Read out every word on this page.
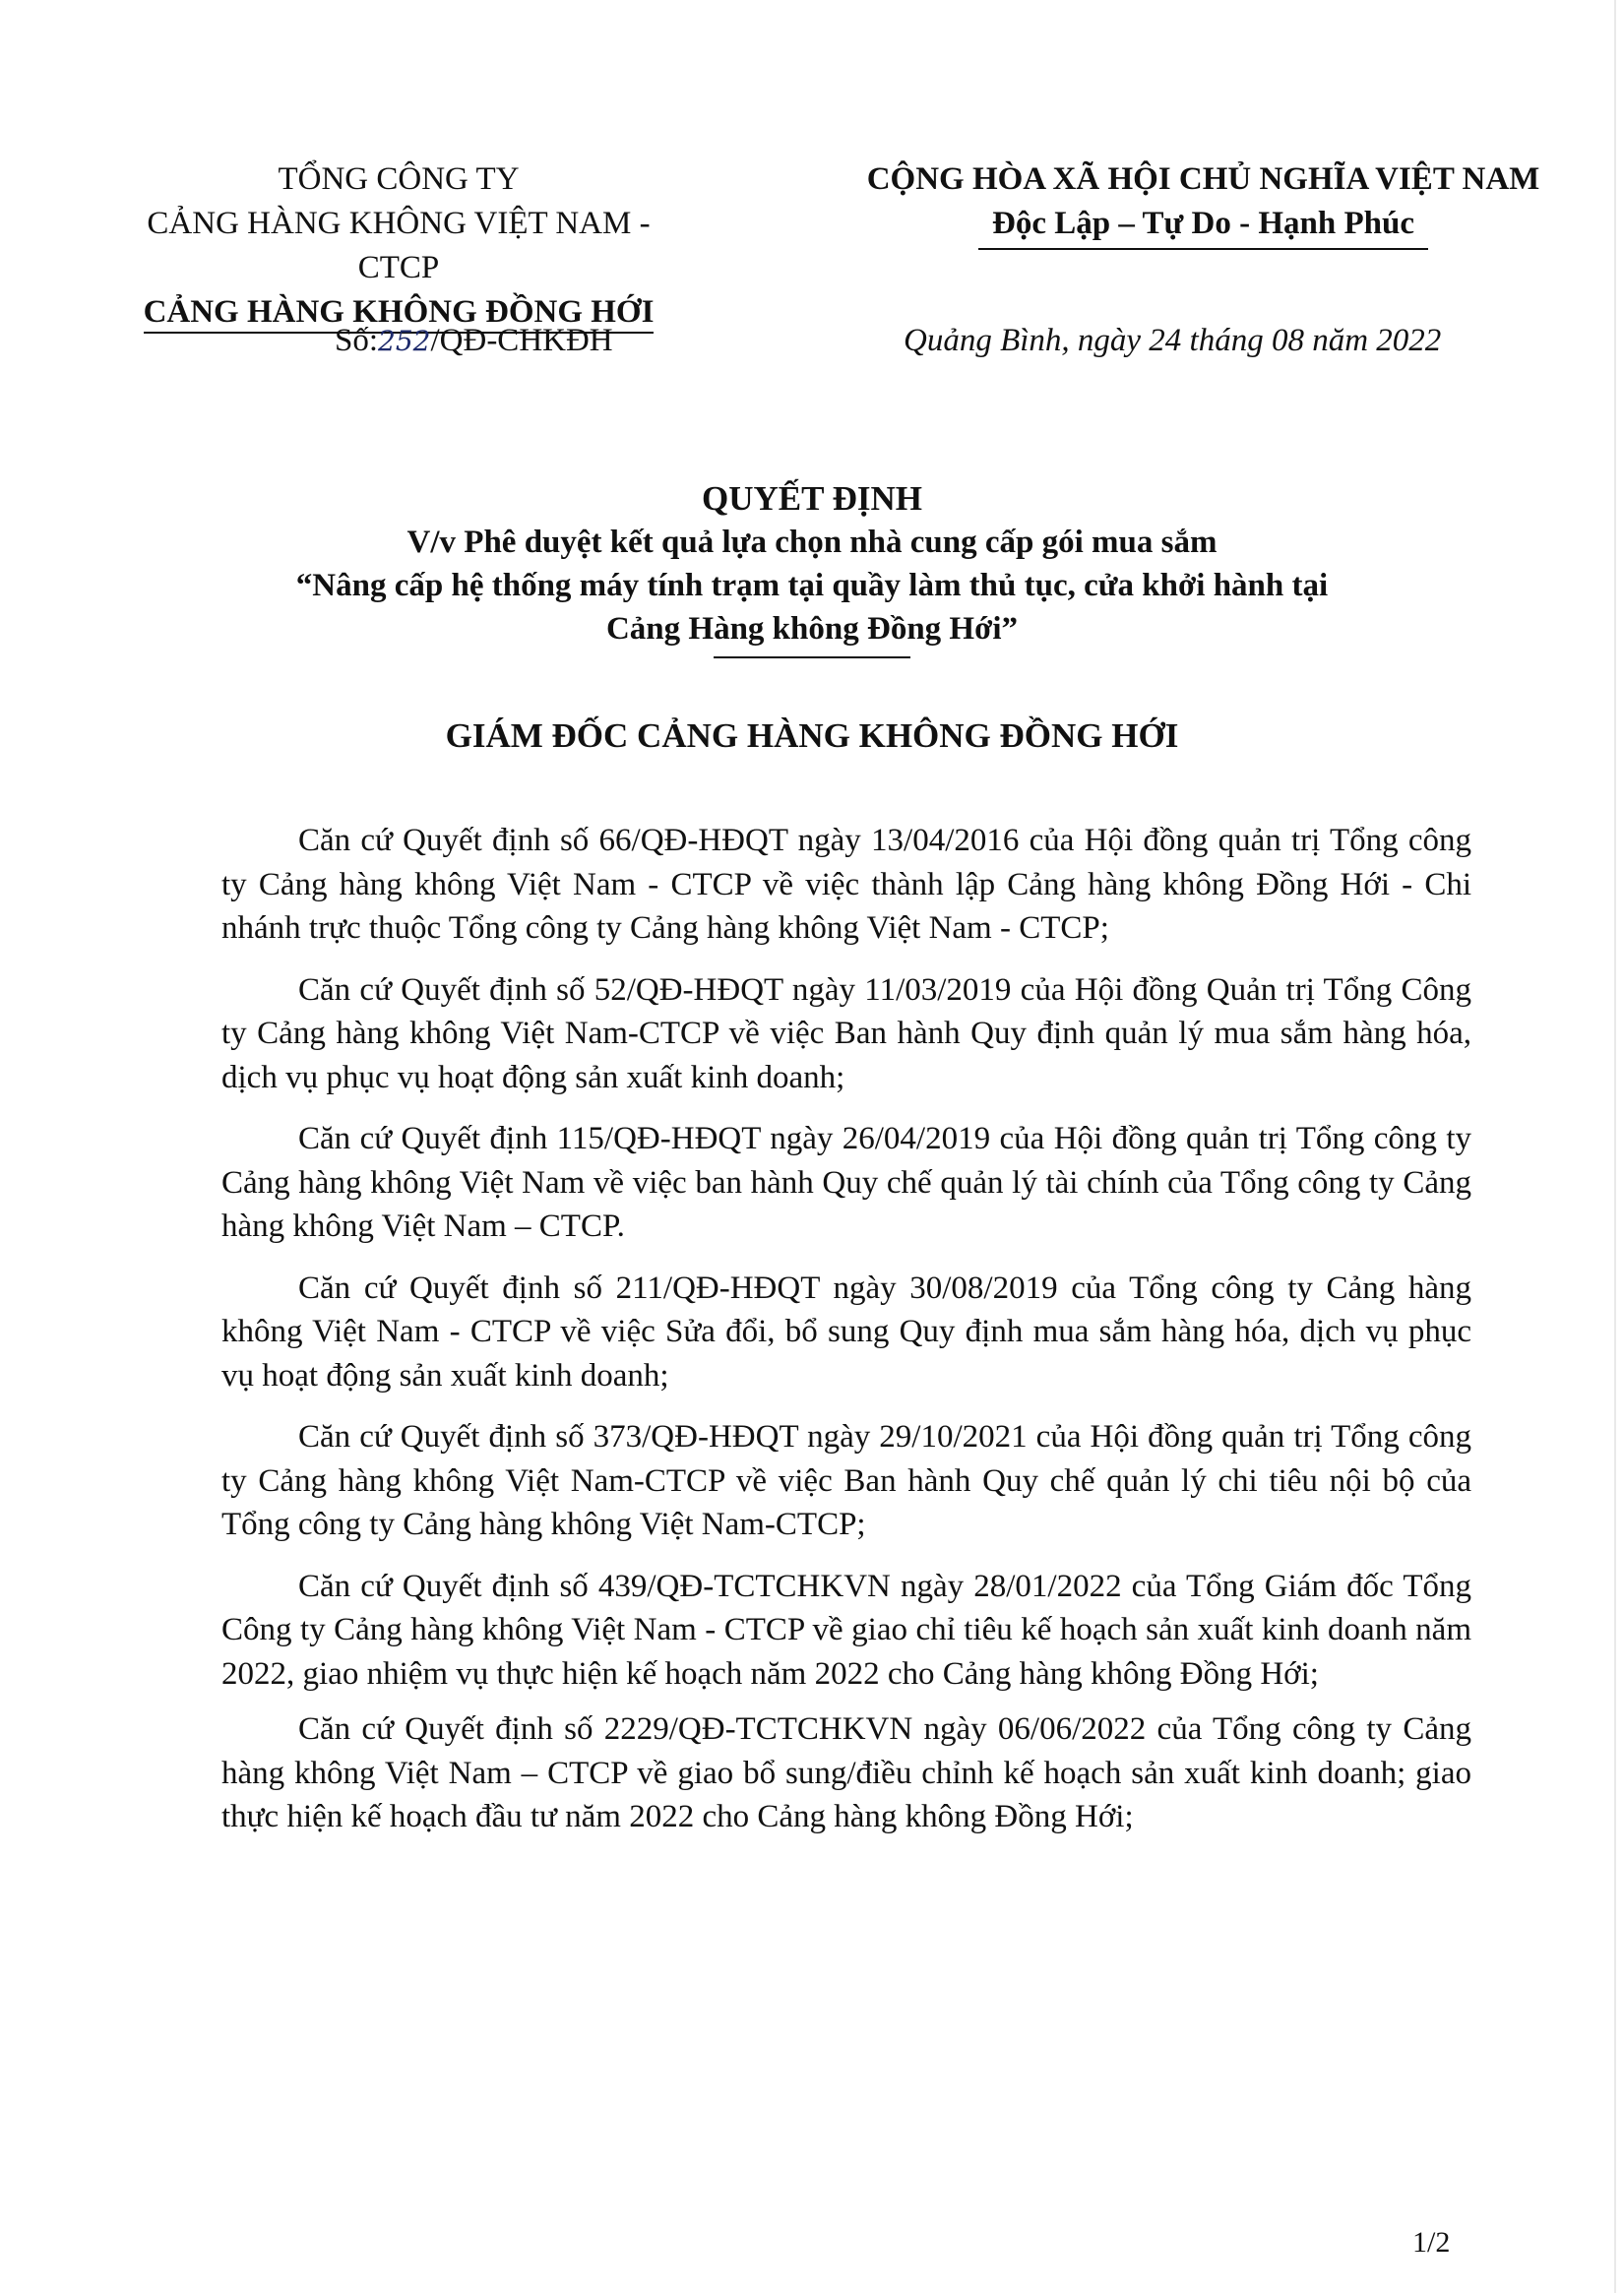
TỔNG CÔNG TY
CẢNG HÀNG KHÔNG VIỆT NAM - CTCP
CẢNG HÀNG KHÔNG ĐỒNG HỚI
CỘNG HÒA XÃ HỘI CHỦ NGHĨA VIỆT NAM
Độc Lập – Tự Do - Hạnh Phúc
Số:252/QĐ-CHKĐH	Quảng Bình, ngày 24 tháng 08 năm 2022
QUYẾT ĐỊNH
V/v Phê duyệt kết quả lựa chọn nhà cung cấp gói mua sắm
“Nâng cấp hệ thống máy tính trạm tại quầy làm thủ tục, cửa khởi hành tại
Cảng Hàng không Đồng Hới”
GIÁM ĐỐC CẢNG HÀNG KHÔNG ĐỒNG HỚI

Căn cứ Quyết định số 66/QĐ-HĐQT ngày 13/04/2016 của Hội đồng quản trị Tổng công ty Cảng hàng không Việt Nam - CTCP về việc thành lập Cảng hàng không Đồng Hới - Chi nhánh trực thuộc Tổng công ty Cảng hàng không Việt Nam - CTCP;

Căn cứ Quyết định số 52/QĐ-HĐQT ngày 11/03/2019 của Hội đồng Quản trị Tổng Công ty Cảng hàng không Việt Nam-CTCP về việc Ban hành Quy định quản lý mua sắm hàng hóa, dịch vụ phục vụ hoạt động sản xuất kinh doanh;

Căn cứ Quyết định 115/QĐ-HĐQT ngày 26/04/2019 của Hội đồng quản trị Tổng công ty Cảng hàng không Việt Nam về việc ban hành Quy chế quản lý tài chính của Tổng công ty Cảng hàng không Việt Nam – CTCP.

Căn cứ Quyết định số 211/QĐ-HĐQT ngày 30/08/2019 của Tổng công ty Cảng hàng không Việt Nam - CTCP về việc Sửa đổi, bổ sung Quy định mua sắm hàng hóa, dịch vụ phục vụ hoạt động sản xuất kinh doanh;

Căn cứ Quyết định số 373/QĐ-HĐQT ngày 29/10/2021 của Hội đồng quản trị Tổng công ty Cảng hàng không Việt Nam-CTCP về việc Ban hành Quy chế quản lý chi tiêu nội bộ của Tổng công ty Cảng hàng không Việt Nam-CTCP;

Căn cứ Quyết định số 439/QĐ-TCTCHKVN ngày 28/01/2022 của Tổng Giám đốc Tổng Công ty Cảng hàng không Việt Nam - CTCP về giao chỉ tiêu kế hoạch sản xuất kinh doanh năm 2022, giao nhiệm vụ thực hiện kế hoạch năm 2022 cho Cảng hàng không Đồng Hới;

Căn cứ Quyết định số 2229/QĐ-TCTCHKVN ngày 06/06/2022 của Tổng công ty Cảng hàng không Việt Nam – CTCP về giao bổ sung/điều chỉnh kế hoạch sản xuất kinh doanh; giao thực hiện kế hoạch đầu tư năm 2022 cho Cảng hàng không Đồng Hới;

1/2
